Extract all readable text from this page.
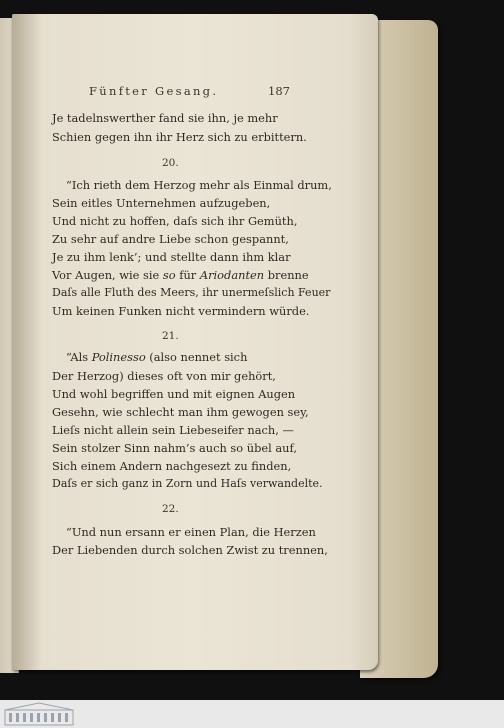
Fünfter Gesang.	187
Je tadelnswerther fand sie ihn, je mehr
Schien gegen ihn ihr Herz sich zu erbittern.
20.
“Ich rieth dem Herzog mehr als Einmal drum,
Sein eitles Unternehmen aufzugeben,
Und nicht zu hoffen, daſs sich ihr Gemüth,
Zu sehr auf andre Liebe schon gespannt,
Je zu ihm lenk’; und stellte dann ihm klar
Vor Augen, wie sie so für Ariodanten brenne
Daſs alle Fluth des Meers, ihr unermeſslich Feuer
Um keinen Funken nicht vermindern würde.
21.
“Als Polinesso (also nennet sich
Der Herzog) dieses oft von mir gehört,
Und wohl begriffen und mit eignen Augen
Gesehn, wie schlecht man ihm gewogen sey,
Lieſs nicht allein sein Liebeseifer nach, —
Sein stolzer Sinn nahm’s auch so übel auf,
Sich einem Andern nachgesezt zu finden,
Daſs er sich ganz in Zorn und Haſs verwandelte.
22.
“Und nun ersann er einen Plan, die Herzen
Der Liebenden durch solchen Zwist zu trennen,
